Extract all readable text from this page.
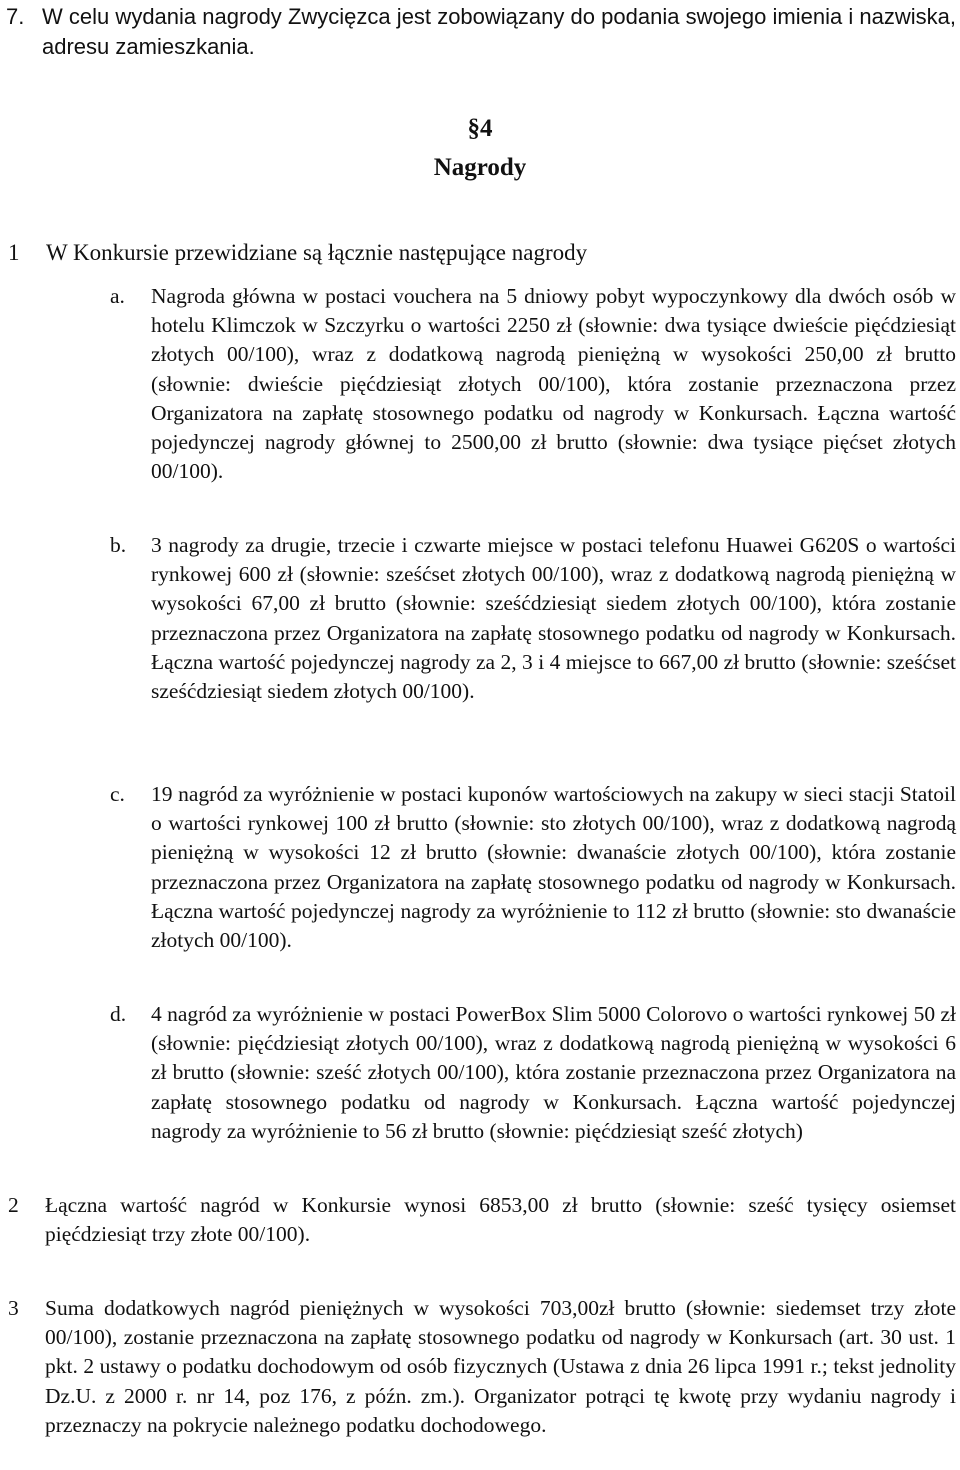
7. W celu wydania nagrody Zwycięzca jest zobowiązany do podania swojego imienia i nazwiska, adresu zamieszkania.
§4
Nagrody
1 W Konkursie przewidziane są łącznie następujące nagrody
a. Nagroda główna w postaci vouchera na 5 dniowy pobyt wypoczynkowy dla dwóch osób w hotelu Klimczok w Szczyrku o wartości 2250 zł (słownie: dwa tysiące dwieście pięćdziesiąt złotych 00/100), wraz z dodatkową nagrodą pieniężną w wysokości 250,00 zł brutto (słownie: dwieście pięćdziesiąt złotych 00/100), która zostanie przeznaczona przez Organizatora na zapłatę stosownego podatku od nagrody w Konkursach. Łączna wartość pojedynczej nagrody głównej to 2500,00 zł brutto (słownie: dwa tysiące pięćset złotych 00/100).
b. 3 nagrody za drugie, trzecie i czwarte miejsce w postaci telefonu Huawei G620S o wartości rynkowej 600 zł (słownie: sześćset złotych 00/100), wraz z dodatkową nagrodą pieniężną w wysokości 67,00 zł brutto (słownie: sześćdziesiąt siedem złotych 00/100), która zostanie przeznaczona przez Organizatora na zapłatę stosownego podatku od nagrody w Konkursach. Łączna wartość pojedynczej nagrody za 2, 3 i 4 miejsce to 667,00 zł brutto (słownie: sześćset sześćdziesiąt siedem złotych 00/100).
c. 19 nagród za wyróżnienie w postaci kuponów wartościowych na zakupy w sieci stacji Statoil o wartości rynkowej 100 zł brutto (słownie: sto złotych 00/100), wraz z dodatkową nagrodą pieniężną w wysokości 12 zł brutto (słownie: dwanaście złotych 00/100), która zostanie przeznaczona przez Organizatora na zapłatę stosownego podatku od nagrody w Konkursach. Łączna wartość pojedynczej nagrody za wyróżnienie to 112 zł brutto (słownie: sto dwanaście złotych 00/100).
d. 4 nagród za wyróżnienie w postaci PowerBox Slim 5000 Colorovo o wartości rynkowej 50 zł (słownie: pięćdziesiąt złotych 00/100), wraz z dodatkową nagrodą pieniężną w wysokości 6 zł brutto (słownie: sześć złotych 00/100), która zostanie przeznaczona przez Organizatora na zapłatę stosownego podatku od nagrody w Konkursach. Łączna wartość pojedynczej nagrody za wyróżnienie to 56 zł brutto (słownie: pięćdziesiąt sześć złotych)
2 Łączna wartość nagród w Konkursie wynosi 6853,00 zł brutto (słownie: sześć tysięcy osiemset pięćdziesiąt trzy złote 00/100).
3 Suma dodatkowych nagród pieniężnych w wysokości 703,00zł brutto (słownie: siedemset trzy złote 00/100), zostanie przeznaczona na zapłatę stosownego podatku od nagrody w Konkursach (art. 30 ust. 1 pkt. 2 ustawy o podatku dochodowym od osób fizycznych (Ustawa z dnia 26 lipca 1991 r.; tekst jednolity Dz.U. z 2000 r. nr 14, poz 176, z późn. zm.). Organizator potrąci tę kwotę przy wydaniu nagrody i przeznaczy na pokrycie należnego podatku dochodowego.
